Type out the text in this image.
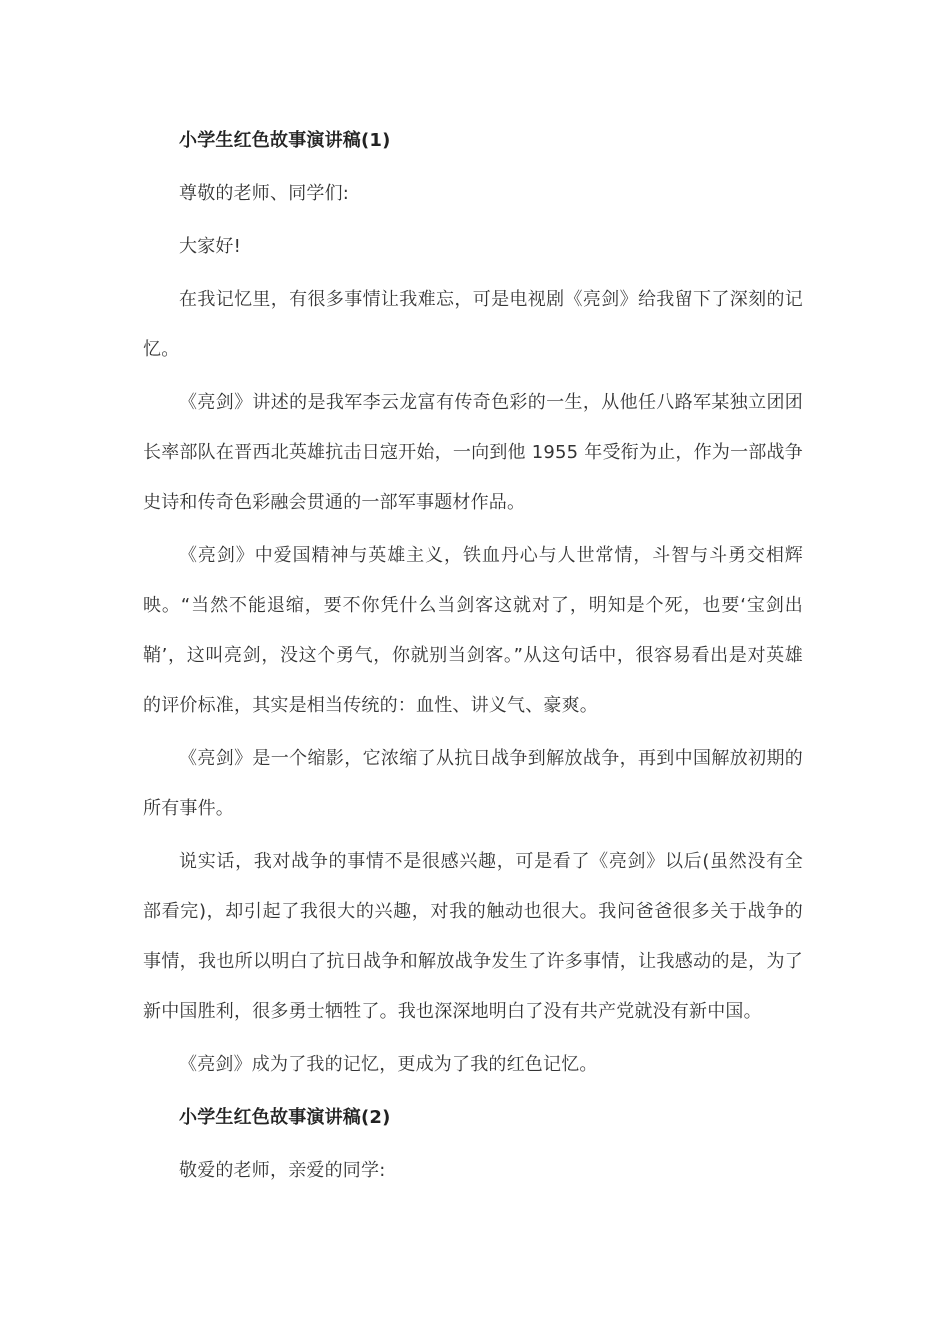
小学生红色故事演讲稿(1)

尊敬的老师、同学们:

大家好!

在我记忆里，有很多事情让我难忘，可是电视剧《亮剑》给我留下了深刻的记忆。

《亮剑》讲述的是我军李云龙富有传奇色彩的一生，从他任八路军某独立团团长率部队在晋西北英雄抗击日寇开始，一向到他 1955 年受衔为止，作为一部战争史诗和传奇色彩融会贯通的一部军事题材作品。

《亮剑》中爱国精神与英雄主义，铁血丹心与人世常情，斗智与斗勇交相辉映。“当然不能退缩，要不你凭什么当剑客这就对了，明知是个死，也要‘宝剑出鞘’，这叫亮剑，没这个勇气，你就别当剑客。”从这句话中，很容易看出是对英雄的评价标准，其实是相当传统的：血性、讲义气、豪爽。

《亮剑》是一个缩影，它浓缩了从抗日战争到解放战争，再到中国解放初期的所有事件。

说实话，我对战争的事情不是很感兴趣，可是看了《亮剑》以后(虽然没有全部看完)，却引起了我很大的兴趣，对我的触动也很大。我问爸爸很多关于战争的事情，我也所以明白了抗日战争和解放战争发生了许多事情，让我感动的是，为了新中国胜利，很多勇士牺牲了。我也深深地明白了没有共产党就没有新中国。

《亮剑》成为了我的记忆，更成为了我的红色记忆。

小学生红色故事演讲稿(2)

敬爱的老师，亲爱的同学:
